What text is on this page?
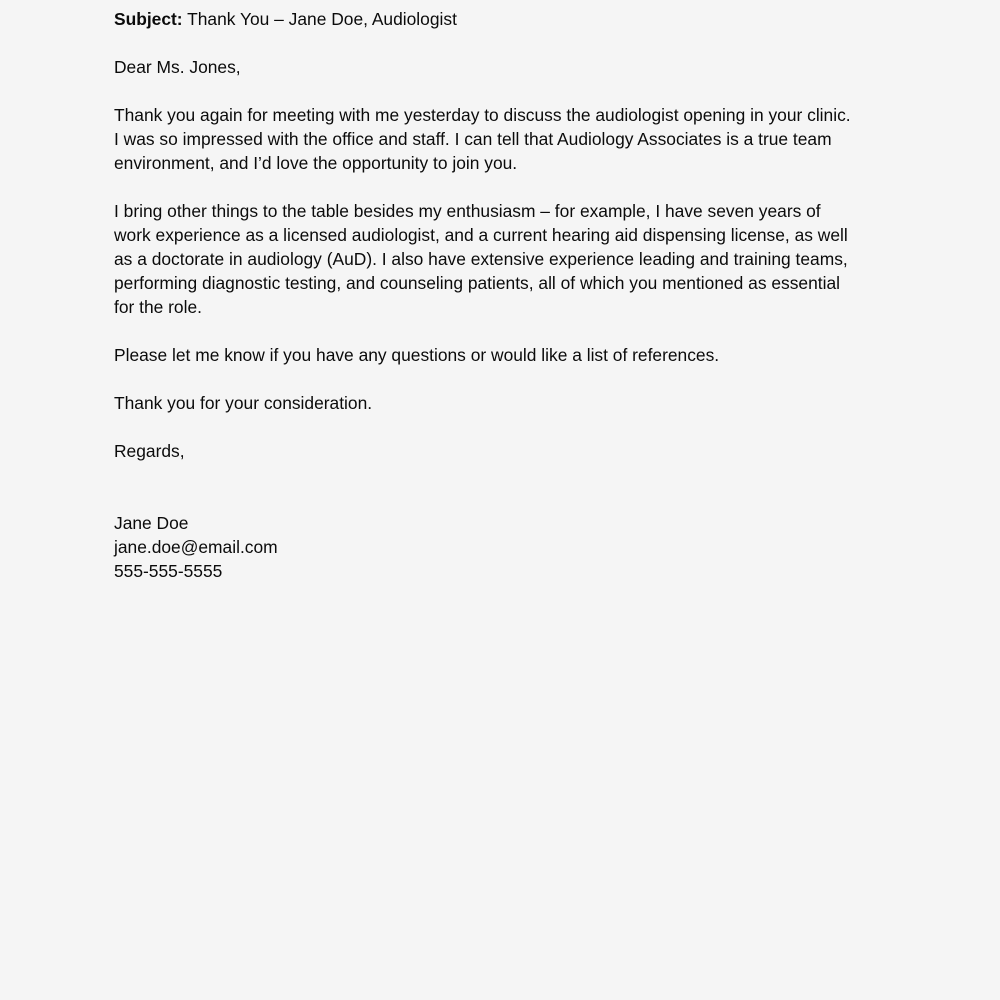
Subject: Thank You – Jane Doe, Audiologist

Dear Ms. Jones,

Thank you again for meeting with me yesterday to discuss the audiologist opening in your clinic.
I was so impressed with the office and staff. I can tell that Audiology Associates is a true team
environment, and I’d love the opportunity to join you.

I bring other things to the table besides my enthusiasm – for example, I have seven years of
work experience as a licensed audiologist, and a current hearing aid dispensing license, as well
as a doctorate in audiology (AuD). I also have extensive experience leading and training teams,
performing diagnostic testing, and counseling patients, all of which you mentioned as essential
for the role.

Please let me know if you have any questions or would like a list of references.

Thank you for your consideration.

Regards,

Jane Doe

jane.doe@email.com

555-555-5555
